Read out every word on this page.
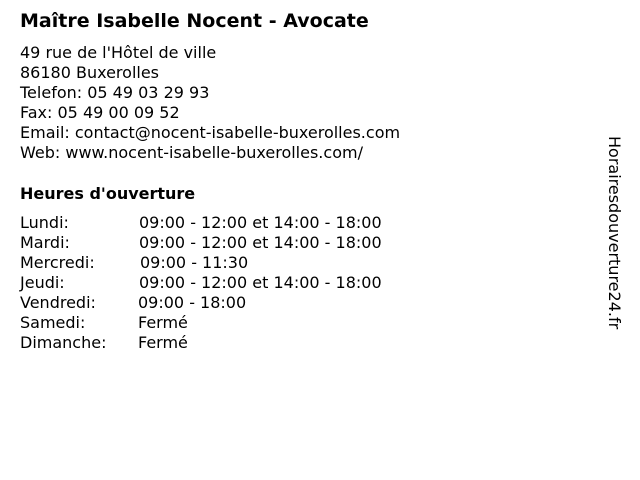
Maître Isabelle Nocent - Avocate
49 rue de l'Hôtel de ville
86180 Buxerolles
Telefon: 05 49 03 29 93
Fax: 05 49 00 09 52
Email: contact@nocent-isabelle-buxerolles.com
Web: www.nocent-isabelle-buxerolles.com/
Heures d'ouverture
Lundi:	09:00 - 12:00 et 14:00 - 18:00
Mardi:	09:00 - 12:00 et 14:00 - 18:00
Mercredi:	09:00 - 11:30
Jeudi:	09:00 - 12:00 et 14:00 - 18:00
Vendredi:	09:00 - 18:00
Samedi:	Fermé
Dimanche: Fermé
Horairesdouverture24.fr
